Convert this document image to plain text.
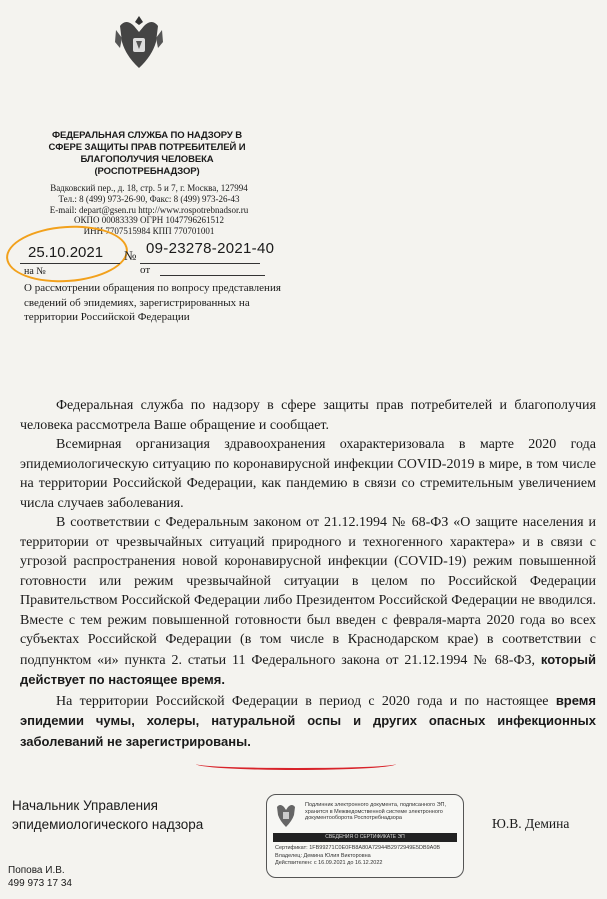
ФЕДЕРАЛЬНАЯ СЛУЖБА ПО НАДЗОРУ В
СФЕРЕ ЗАЩИТЫ ПРАВ ПОТРЕБИТЕЛЕЙ И
БЛАГОПОЛУЧИЯ ЧЕЛОВЕКА
(РОСПОТРЕБНАДЗОР)
Вадковский пер., д. 18, стр. 5 и 7, г. Москва, 127994
Тел.: 8 (499) 973-26-90, Факс: 8 (499) 973-26-43
E-mail: depart@gsen.ru http://www.rospotrebnadsor.ru
ОКПО 00083339 ОГРН 1047796261512
ИНН 7707515984 КПП 770701001
25.10.2021 № 09-23278-2021-40
на №	от
О рассмотрении обращения по вопросу представления сведений об эпидемиях, зарегистрированных на территории Российской Федерации

Федеральная служба по надзору в сфере защиты прав потребителей и благополучия человека рассмотрела Ваше обращение и сообщает.

Всемирная организация здравоохранения охарактеризовала в марте 2020 года эпидемиологическую ситуацию по коронавирусной инфекции COVID-2019 в мире, в том числе на территории Российской Федерации, как пандемию в связи со стремительным увеличением числа случаев заболевания.

В соответствии с Федеральным законом от 21.12.1994 № 68-ФЗ «О защите населения и территории от чрезвычайных ситуаций природного и техногенного характера» и в связи с угрозой распространения новой коронавирусной инфекции (COVID-19) режим повышенной готовности или режим чрезвычайной ситуации в целом по Российской Федерации Правительством Российской Федерации либо Президентом Российской Федерации не вводился. Вместе с тем режим повышенной готовности был введен с февраля-марта 2020 года во всех субъектах Российской Федерации (в том числе в Краснодарском крае) в соответствии с подпунктом «и» пункта 2. статьи 11 Федерального закона от 21.12.1994 № 68-ФЗ, который действует по настоящее время.

На территории Российской Федерации в период с 2020 года и по настоящее время эпидемии чумы, холеры, натуральной оспы и других опасных инфекционных заболеваний не зарегистрированы.

Начальник Управления
эпидемиологического надзора
Подлинник электронного документа, подписанного ЭП, хранится в Межведомственной системе электронного документооборота Роспотребнадзора
СВЕДЕНИЯ О СЕРТИФИКАТЕ ЭП
Сертификат: 1FB99271C0E0FB8A80A72944B2972949E5DB9A0B
Владелец: Демина Юлия Викторовна
Действителен: с 16.09.2021 до 16.12.2022
Ю.В. Демина
Попова И.В.
499 973 17 34
